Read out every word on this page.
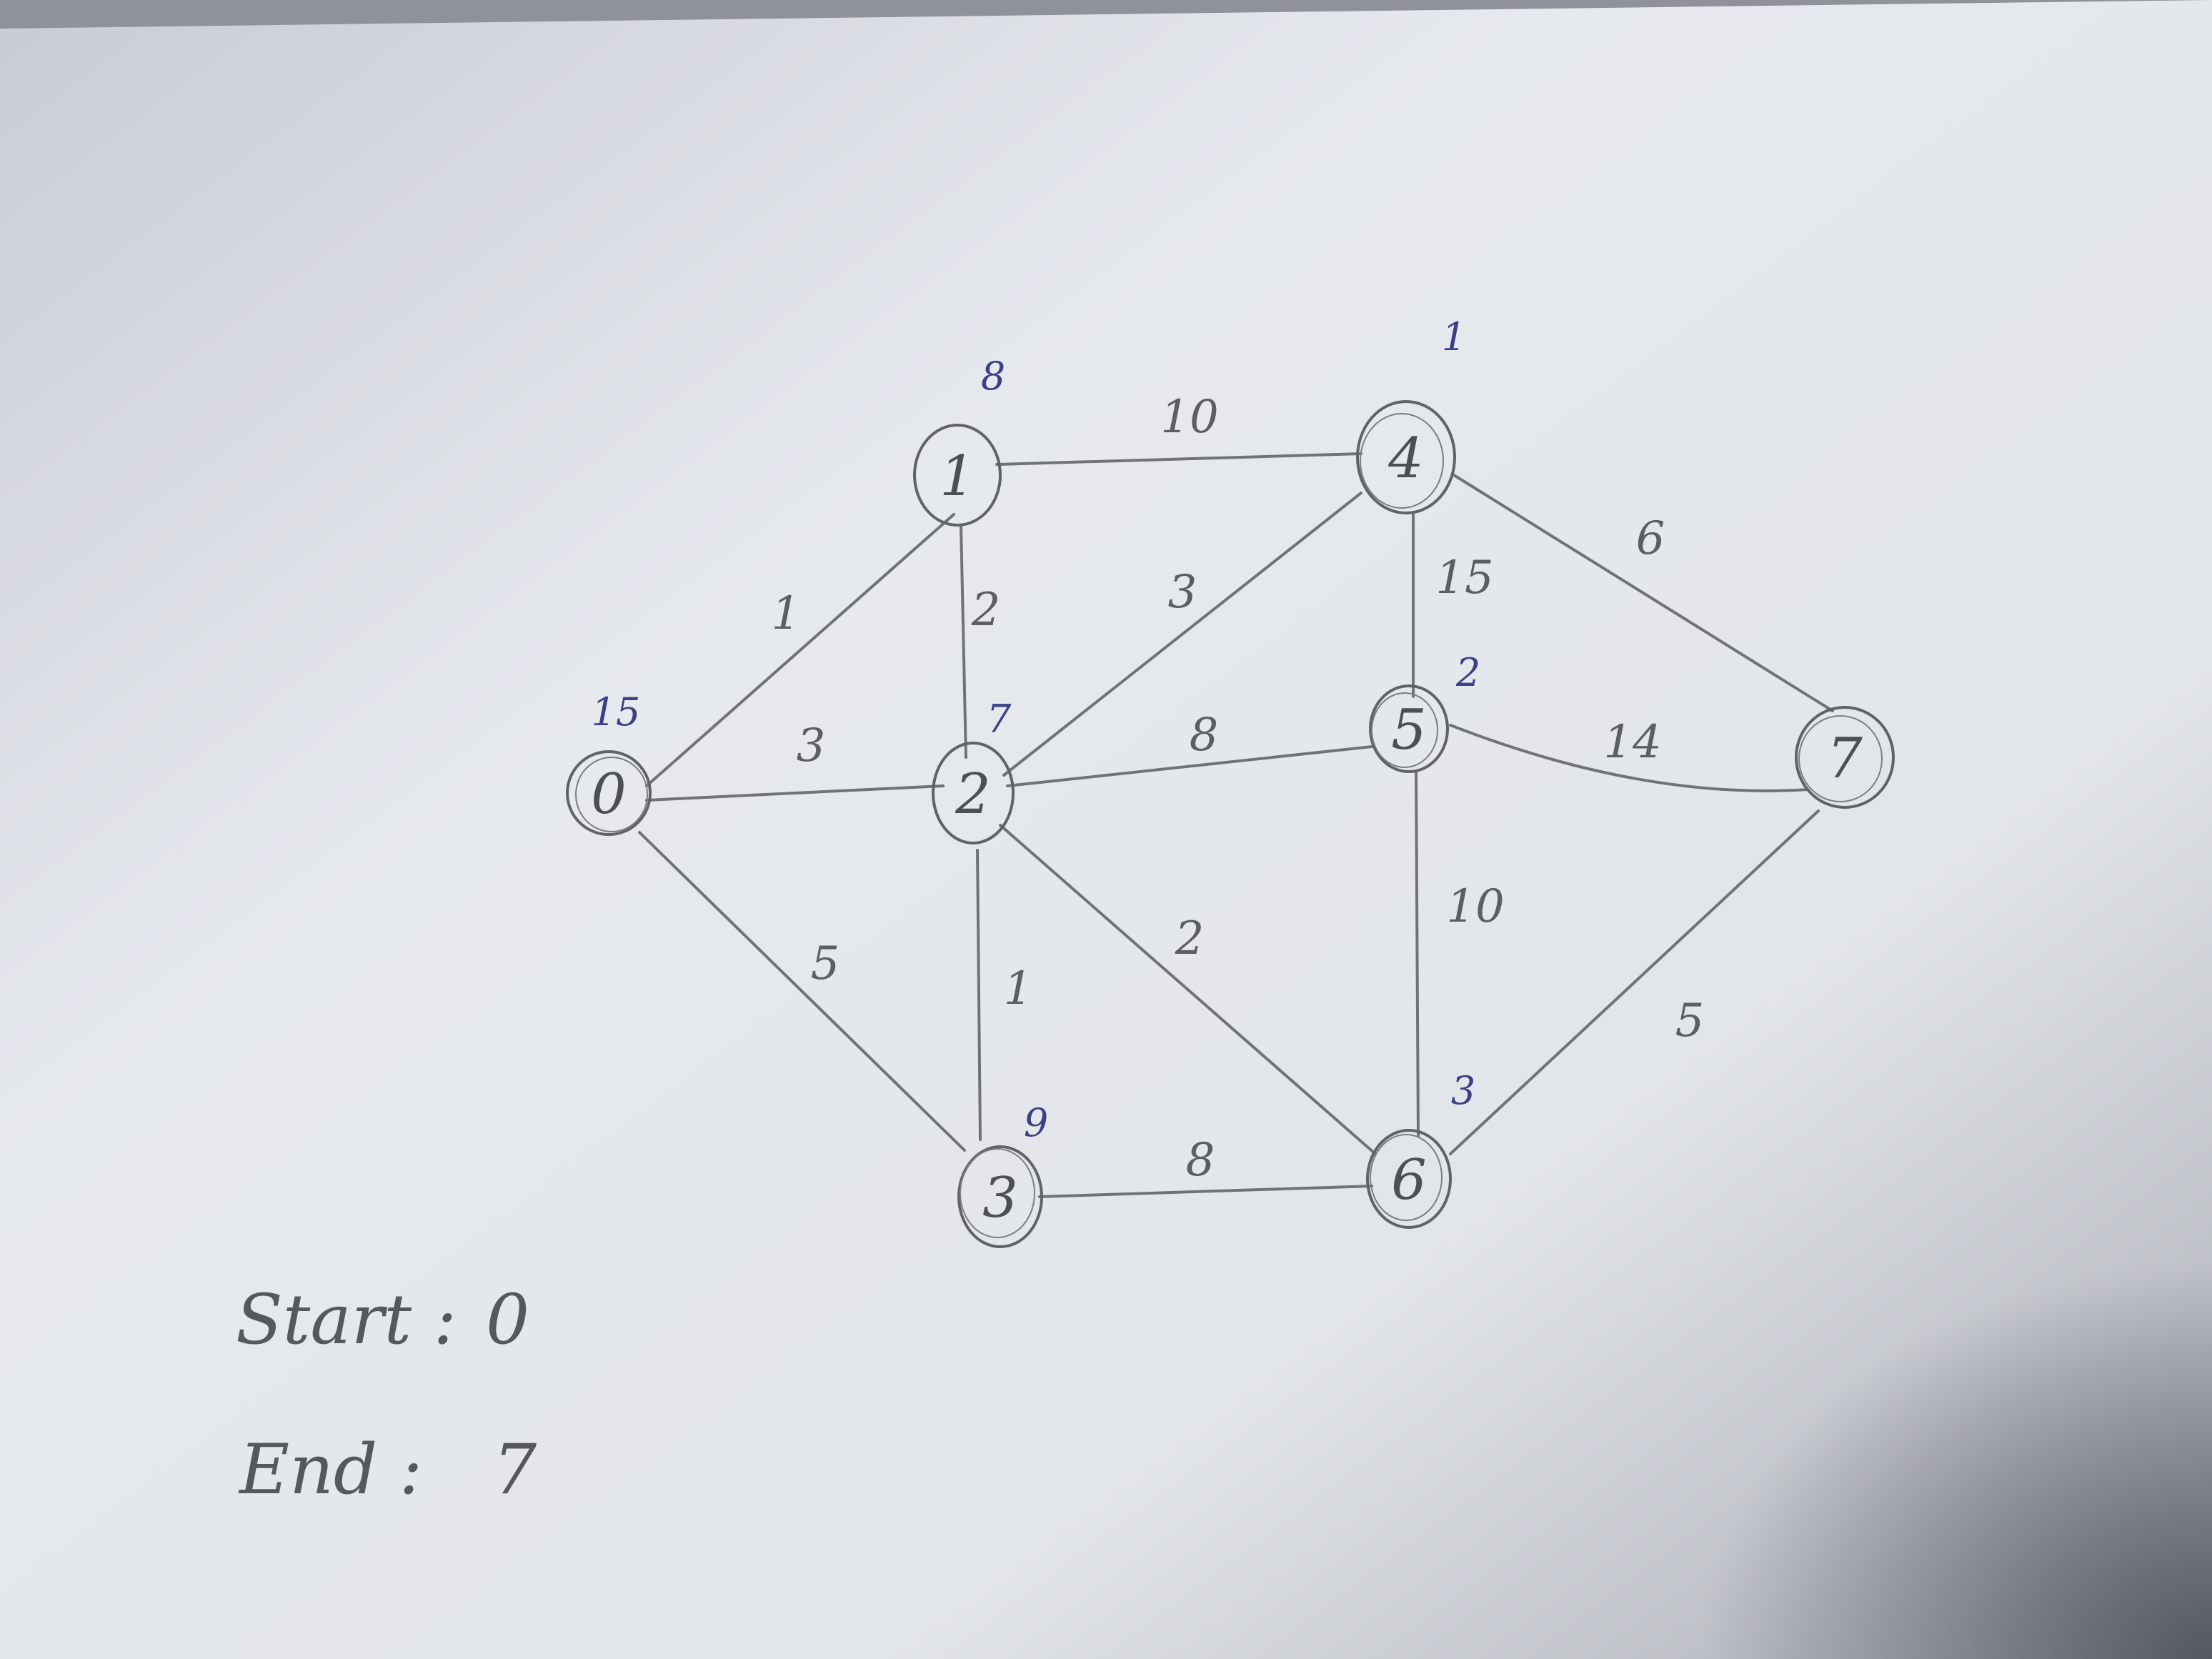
0
1
2
3
4
5
6
7
15
8
7
9
1
2
3
1
3
5
2
10
3
8
1
2
8
15
6
14
10
5
Start : 0
End : 7
